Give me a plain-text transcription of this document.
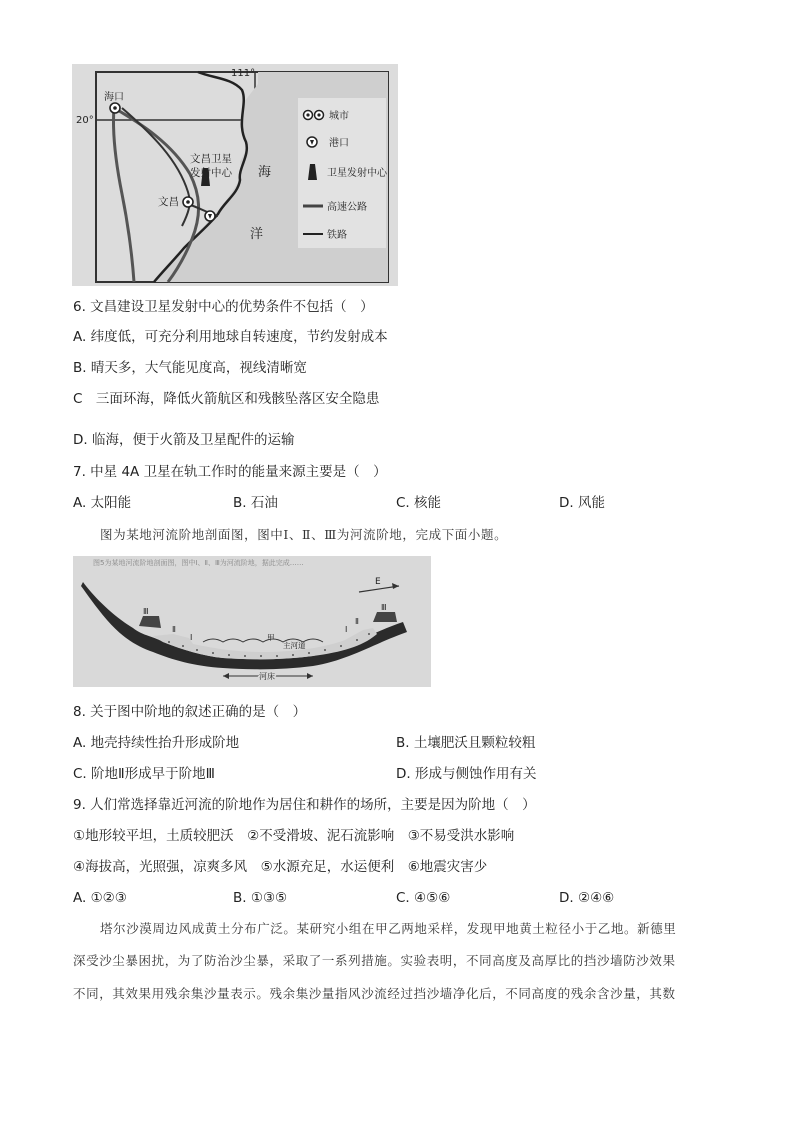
111°
20°
海口
文昌卫星
发射中心
文昌
海
洋
城市
港口
卫星发射中心
高速公路
铁路
6. 文昌建设卫星发射中心的优势条件不包括（　）
A. 纬度低，可充分利用地球自转速度，节约发射成本
B. 晴天多，大气能见度高，视线清晰宽
C　三面环海，降低火箭航区和残骸坠落区安全隐患
D. 临海，便于火箭及卫星配件的运输
7. 中星 4A 卫星在轨工作时的能量来源主要是（　）
A. 太阳能	B. 石油	C. 核能	D. 风能
图为某地河流阶地剖面图，图中Ⅰ、Ⅱ、Ⅲ为河流阶地，完成下面小题。
图5为某地河流阶地剖面图，图中Ⅰ、Ⅱ、Ⅲ为河流阶地，据此完成……
E
Ⅲ
Ⅱ
Ⅰ
Ⅰ
Ⅱ
Ⅲ
甲
主河道
河床
8. 关于图中阶地的叙述正确的是（　）
A. 地壳持续性抬升形成阶地	B. 土壤肥沃且颗粒较粗
C. 阶地Ⅱ形成早于阶地Ⅲ	D. 形成与侧蚀作用有关
9. 人们常选择靠近河流的阶地作为居住和耕作的场所，主要是因为阶地（　）
①地形较平坦，土质较肥沃　②不受滑坡、泥石流影响　③不易受洪水影响
④海拔高，光照强，凉爽多风　⑤水源充足，水运便利　⑥地震灾害少
A. ①②③	B. ①③⑤	C. ④⑤⑥	D. ②④⑥
塔尔沙漠周边风成黄土分布广泛。某研究小组在甲乙两地采样，发现甲地黄土粒径小于乙地。新德里
深受沙尘暴困扰，为了防治沙尘暴，采取了一系列措施。实验表明，不同高度及高厚比的挡沙墙防沙效果
不同，其效果用残余集沙量表示。残余集沙量指风沙流经过挡沙墙净化后，不同高度的残余含沙量，其数
